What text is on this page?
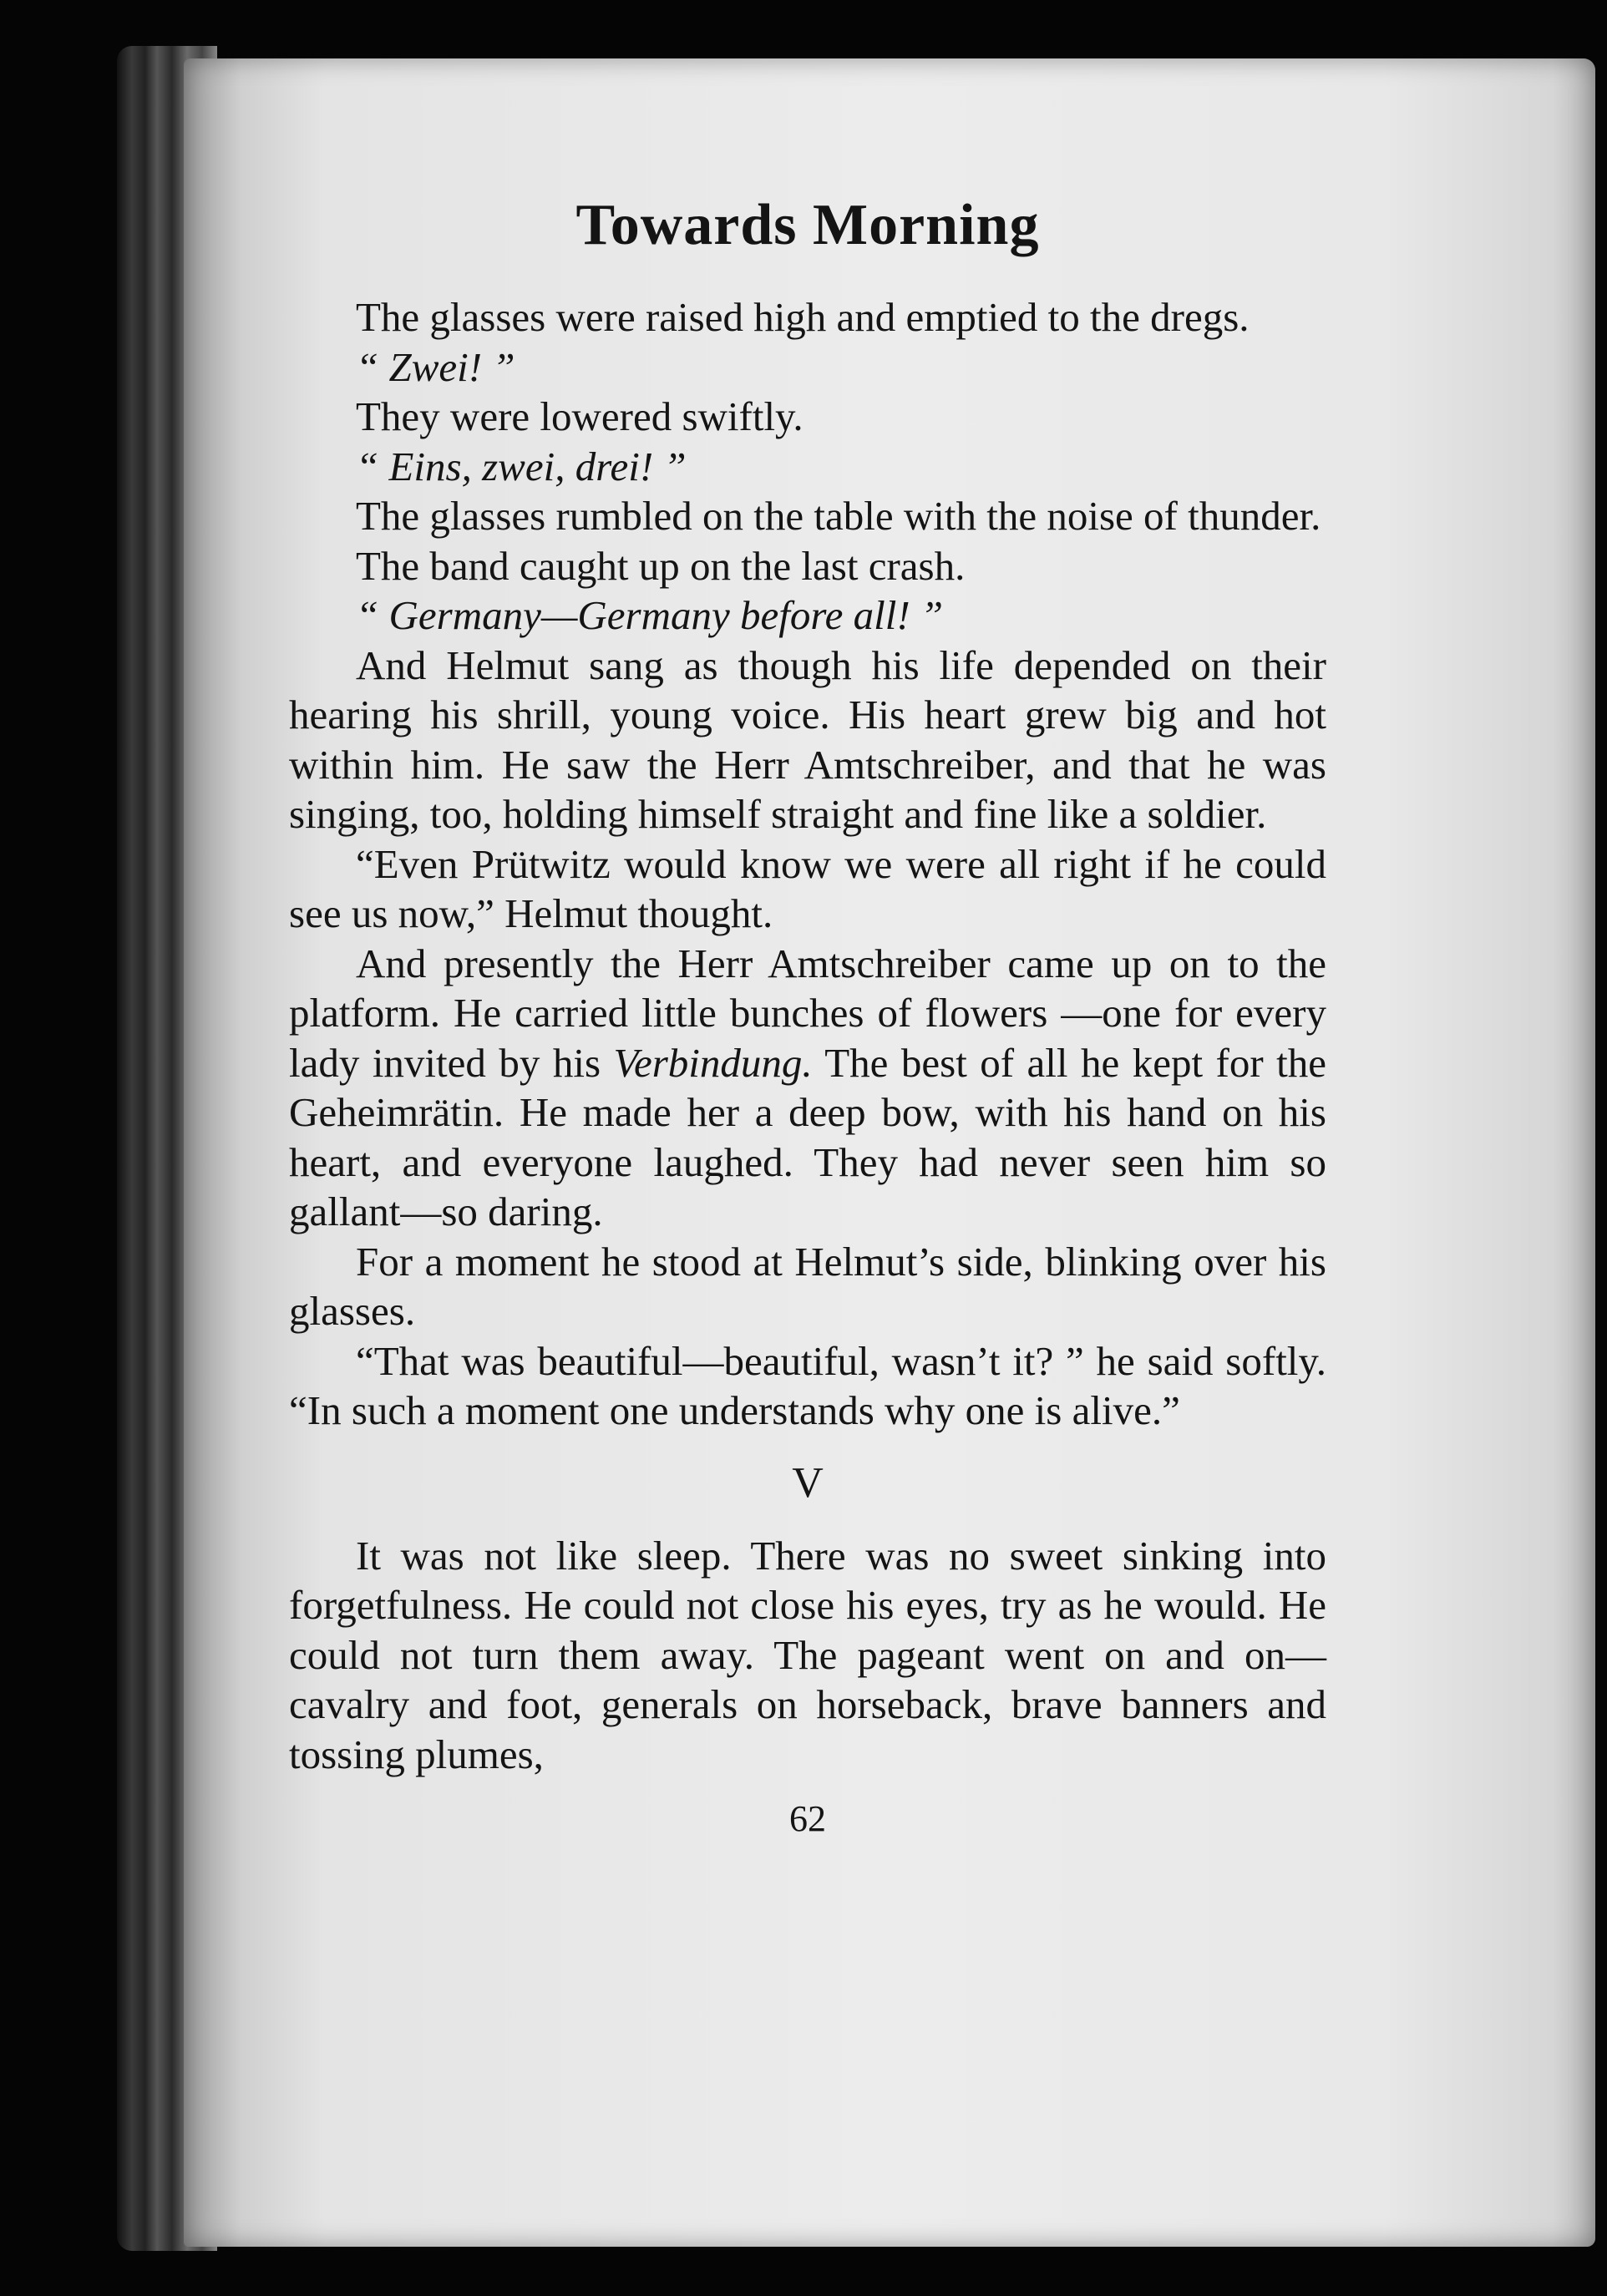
Towards Morning

The glasses were raised high and emptied to the dregs.

“ Zwei! ”

They were lowered swiftly.

“ Eins, zwei, drei! ”

The glasses rumbled on the table with the noise of thunder.

The band caught up on the last crash.

“ Germany—Germany before all! ”

And Helmut sang as though his life depended on their hearing his shrill, young voice. His heart grew big and hot within him. He saw the Herr Amtschreiber, and that he was singing, too, holding himself straight and fine like a soldier.

“Even Prütwitz would know we were all right if he could see us now,” Helmut thought.

And presently the Herr Amtschreiber came up on to the platform. He carried little bunches of flowers —one for every lady invited by his Verbindung. The best of all he kept for the Geheimrätin. He made her a deep bow, with his hand on his heart, and everyone laughed. They had never seen him so gallant—so daring.

For a moment he stood at Helmut’s side, blinking over his glasses.

“That was beautiful—beautiful, wasn’t it? ” he said softly. “In such a moment one understands why one is alive.”

V

It was not like sleep. There was no sweet sinking into forgetfulness. He could not close his eyes, try as he would. He could not turn them away. The pageant went on and on—cavalry and foot, generals on horseback, brave banners and tossing plumes,

62
